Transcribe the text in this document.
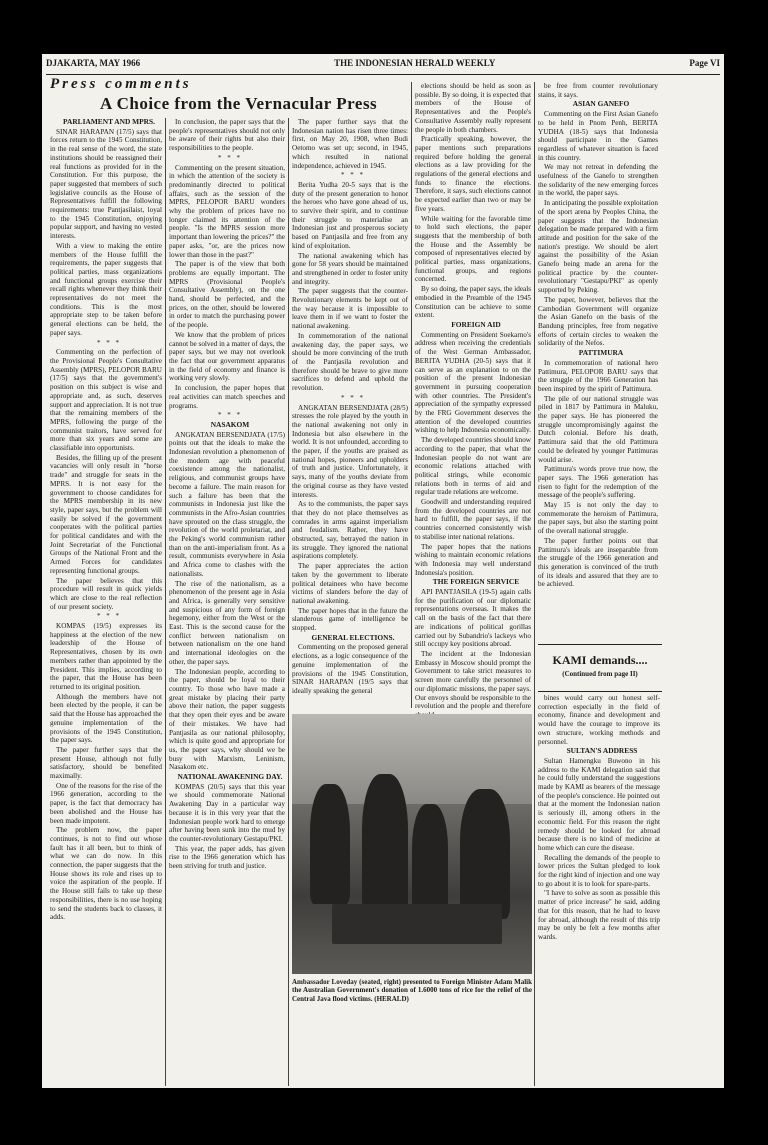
DJAKARTA, MAY 1966	THE INDONESIAN HERALD WEEKLY	Page VI
Press comments
A Choice from the Vernacular Press

PARLIAMENT AND MPRS.

SINAR HARAPAN (17/5) says that forces return to the 1945 Constitution, in the real sense of the word, the state institutions should be reassigned their real functions as provided for in the Constitution. For this purpose, the paper suggested that members of such legislative councils as the House of Representatives fulfill the following requirements: true Pantjasilaist, loyal to the 1945 Constitution, enjoying popular support, and having no vested interests.

With a view to making the entire members of the House fulfill the requirements, the paper suggests that political parties, mass organizations and functional groups exercise their recall rights whenever they think their representatives do not meet the conditions. This is the most appropriate step to be taken before general elections can be held, the paper says.

* * *

Commenting on the perfection of the Provisional People's Consultative Assembly (MPRS), PELOPOR BARU (17/5) says that the government's position on this subject is wise and appropriate and, as such, deserves support and appreciation. It is not true that the remaining members of the MPRS, following the purge of the communist traitors, have served for more than six years and some are classifiable into opportunists.

Besides, the filling up of the present vacancies will only result in "horse trade" and struggle for seats in the MPRS. It is not easy for the government to choose candidates for the MPRS membership in its new style, paper says, but the problem will easily be solved if the government cooperates with the political parties for political candidates and with the Joint Secretariat of the Functional Groups of the National Front and the Armed Forces for candidates representing functional groups.

The paper believes that this procedure will result in quick yields which are close to the real reflection of our present society.

* * *

KOMPAS (19/5) expresses its happiness at the election of the new leadership of the House of Representatives, chosen by its own members rather than appointed by the President. This implies, according to the paper, that the House has been returned to its original position.

Although the members have not been elected by the people, it can be said that the House has approached the genuine implementation of the provisions of the 1945 Constitution, the paper says.

The paper further says that the present House, although not fully satisfactory, should be benefited maximally.

One of the reasons for the rise of the 1966 generation, according to the paper, is the fact that democracy has been abolished and the House has been made impotent.

The problem now, the paper continues, is not to find out whose fault has it all been, but to think of what we can do now. In this connection, the paper suggests that the House shows its role and rises up to voice the aspiration of the people. If the House still fails to take up these responsibilities, there is no use hoping to send the students back to classes, it adds.

In conclusion, the paper says that the people's representatives should not only be aware of their rights but also their responsibilities to the people.

* * *

Commenting on the present situation, in which the attention of the society is predominantly directed to political affairs, such as the session of the MPRS, PELOPOR BARU wonders why the problem of prices have no longer claimed its attention of the people. "Is the MPRS session more important than lowering the prices?" the paper asks, "or, are the prices now lower than those in the past?"

The paper is of the view that both problems are equally important. The MPRS (Provisional People's Consultative Assembly), on the one hand, should be perfected, and the prices, on the other, should be lowered in order to match the purchasing power of the people.

We know that the problem of prices cannot be solved in a matter of days, the paper says, but we may not overlook the fact that our government apparatus in the field of economy and finance is working very slowly.

In conclusion, the paper hopes that real activities can match speeches and programs.

* * *

NASAKOM

ANGKATAN BERSENDJATA (17/5) points out that the ideals to make the Indonesian revolution a phenomenon of the modern age with peaceful coexistence among the nationalist, religious, and communist groups have become a failure. The main reason for such a failure has been that the communists in Indonesia just like the communists in the Afro-Asian countries have sprouted on the class struggle, the revolution of the world proletariat, and the Peking's world communism rather than on the anti-imperialism front. As a result, communists everywhere in Asia and Africa come to clashes with the nationalists.

The rise of the nationalism, as a phenomenon of the present age in Asia and Africa, is generally very sensitive and suspicious of any form of foreign hegemony, either from the West or the East. This is the second cause for the conflict between nationalism on between nationalism on the one hand and international ideologies on the other, the paper says.

The Indonesian people, according to the paper, should be loyal to their country. To those who have made a great mistake by placing their party above their nation, the paper suggests that they open their eyes and be aware of their mistakes. We have had Pantjasila as our national philosophy, which is quite good and appropriate for us, the paper says, why should we be busy with Marxism, Leninism, Nasakom etc.

NATIONAL AWAKENING DAY.

KOMPAS (20/5) says that this year we should commemorate National Awakening Day in a particular way because it is in this very year that the Indonesian people work hard to emerge after having been sunk into the mud by the counter-revolutionary Gestapu/PKI.

This year, the paper adds, has given rise to the 1966 generation which has been striving for truth and justice.

The paper further says that the Indonesian nation has risen three times: first, on May 20, 1908, when Budi Oetomo was set up; second, in 1945, which resulted in national independence, achieved in 1945.

* * *

Berita Yudha 20-5 says that is the duty of the present generation to honor the heroes who have gone ahead of us, to survive their spirit, and to continue their struggle to materialise an Indonesian just and prosperous society based on Pantjasila and free from any kind of exploitation.

The national awakening which has gone for 58 years should be maintained and strengthened in order to foster unity and integrity.

The paper suggests that the counter-Revolutionary elements be kept out of the way because it is impossible to leave them in if we want to foster the national awakening.

In commemoration of the national awakening day, the paper says, we should be more convincing of the truth of the Pantjasila revolution and therefore should be brave to give more sacrifices to defend and uphold the revolution.

* * *

ANGKATAN BERSENDJATA (28/5) stresses the role played by the youth in the national awakening not only in Indonesia but also elsewhere in the world. It is not unfounded, according to the paper, if the youths are praised as national hopes, pioneers and upholders of truth and justice. Unfortunately, it says, many of the youths deviate from the original course as they have vested interests.

As to the communists, the paper says that they do not place themselves as comrades in arms against imperialism and feudalism. Rather, they have obstructed, say, betrayed the nation in its struggle. They ignored the national aspirations completely.

The paper appreciates the action taken by the government to liberate political detainees who have become victims of slanders before the day of national awakening.

The paper hopes that in the future the slanderous game of intelligence be stopped.

GENERAL ELECTIONS.

Commenting on the proposed general elections, as a logic consequence of the genuine implementation of the provisions of the 1945 Constitution, SINAR HARAPAN (19/5 says that ideally speaking the general

elections should be held as soon as possible. By so doing, it is expected that members of the House of Representatives and the People's Consultative Assembly really represent the people in both chambers.

Practically speaking, however, the paper mentions such preparations required before holding the general elections as a law providing for the regulations of the general elections and funds to finance the elections. Therefore, it says, such elections cannot be expected earlier than two or may be five years.

While waiting for the favorable time to hold such elections, the paper suggests that the membership of both the House and the Assembly be composed of representatives elected by political parties, mass organizations, functional groups, and regions concerned.

By so doing, the paper says, the ideals embodied in the Preamble of the 1945 Constitution can be achieve to some extent.

FOREIGN AID

Commenting on President Soekarno's address when receiving the credentials of the West German Ambassador, BERITA YUDHA (20-5) says that it can serve as an explanation to on the position of the present Indonesian government in pursuing cooperation with other countries. The President's appreciation of the sympathy expressed by the FRG Government deserves the attention of the developed countries wishing to help Indonesia economically.

The developed countries should know according to the paper, that what the Indonesian people do not want are economic relations attached with political strings, while economic relations both in terms of aid and regular trade relations are welcome.

Goodwill and understanding required from the developed countries are not hard to fulfill, the paper says, if the countries concerned consistently wish to stabilise inter national relations.

The paper hopes that the nations wishing to maintain economic relations with Indonesia may well understand Indonesia's position.

THE FOREIGN SERVICE

API PANTJASILA (19-5) again calls for the purification of our diplomatic representations overseas. It makes the call on the basis of the fact that there are indications of political gorillas carried out by Subandrio's lackeys who still occupy key positions abroad.

The incident at the Indonesian Embassy in Moscow should prompt the Government to take strict measures to screen more carefully the personnel of our diplomatic missions, the paper says. Our envoys should be responsible to the revolution and the people and therefore

be free from counter revolutionary stains, it says.

ASIAN GANEFO

Commenting on the First Asian Ganefo to be held in Pnom Penh, BERITA YUDHA (18-5) says that Indonesia should participate in the Games regardless of whatever situation is faced in this country.

We may not retreat in defending the usefulness of the Ganefo to strengthen the solidarity of the new emerging forces in the world, the paper says.

In anticipating the possible exploitation of the sport arena by Peoples China, the paper suggests that the Indonesian delegation be made prepared with a firm attitude and position for the sake of the nation's prestige. We should be alert against the possibility of the Asian Ganefo being made an arena for the political practice by the counter-revolutionary "Gestapu/PKI" as openly supported by Peking.

The paper, however, believes that the Cambodian Government will organize the Asian Ganefo on the basis of the Bandung principles, free from negative efforts of certain circles to weaken the solidarity of the Nefos.

PATTIMURA

In commemoration of national hero Pattimura, PELOPOR BARU says that the struggle of the 1966 Generation has been inspired by the spirit of Pattimura.

The pile of our national struggle was piled in 1817 by Pattimura in Maluku, the paper says. He has pioneered the struggle uncompromisingly against the Dutch colonial. Before his death, Pattimura said that the old Pattimura could be defeated by younger Pattimuras would arise.

Pattimura's words prove true now, the paper says. The 1966 generation has risen to fight for the redemption of the message of the people's suffering.

May 15 is not only the day to commemorate the heroism of Pattimura, the paper says, but also the starting point of the overall national struggle.

The paper further points out that Pattimura's ideals are inseparable from the struggle of the 1966 generation and this generation is convinced of the truth of its ideals and assured that they are to be achieved.

Ambassador Loveday (seated, right) presented to Foreign Minister Adam Malik the Australian Government's donation of 1.6000 tons of rice for the relief of the Central Java flood victims. (HERALD)
KAMI demands....
(Continued from page II)

bines would carry out honest self-correction especially in the field of economy, finance and development and would have the courage to improve its own structure, working methods and personnel.

SULTAN'S ADDRESS

Sultan Hamengku Buwono in his address to the KAMI delegation said that he could fully understand the suggestions made by KAMI as bearers of the message of the people's conscience. He pointed out that at the moment the Indonesian nation is seriously ill, among others in the economic field. For this reason the right remedy should be looked for abroad because there is no kind of medicine at home which can cure the disease.

Recalling the demands of the people to lower prices the Sultan pledged to look for the right kind of injection and one way to go about it is to look for spare-parts.

"I have to solve as soon as possible this matter of price increase" he said, adding that for this reason, that he had to leave for abroad, although the result of this trip may be only be felt a few months after wards.
